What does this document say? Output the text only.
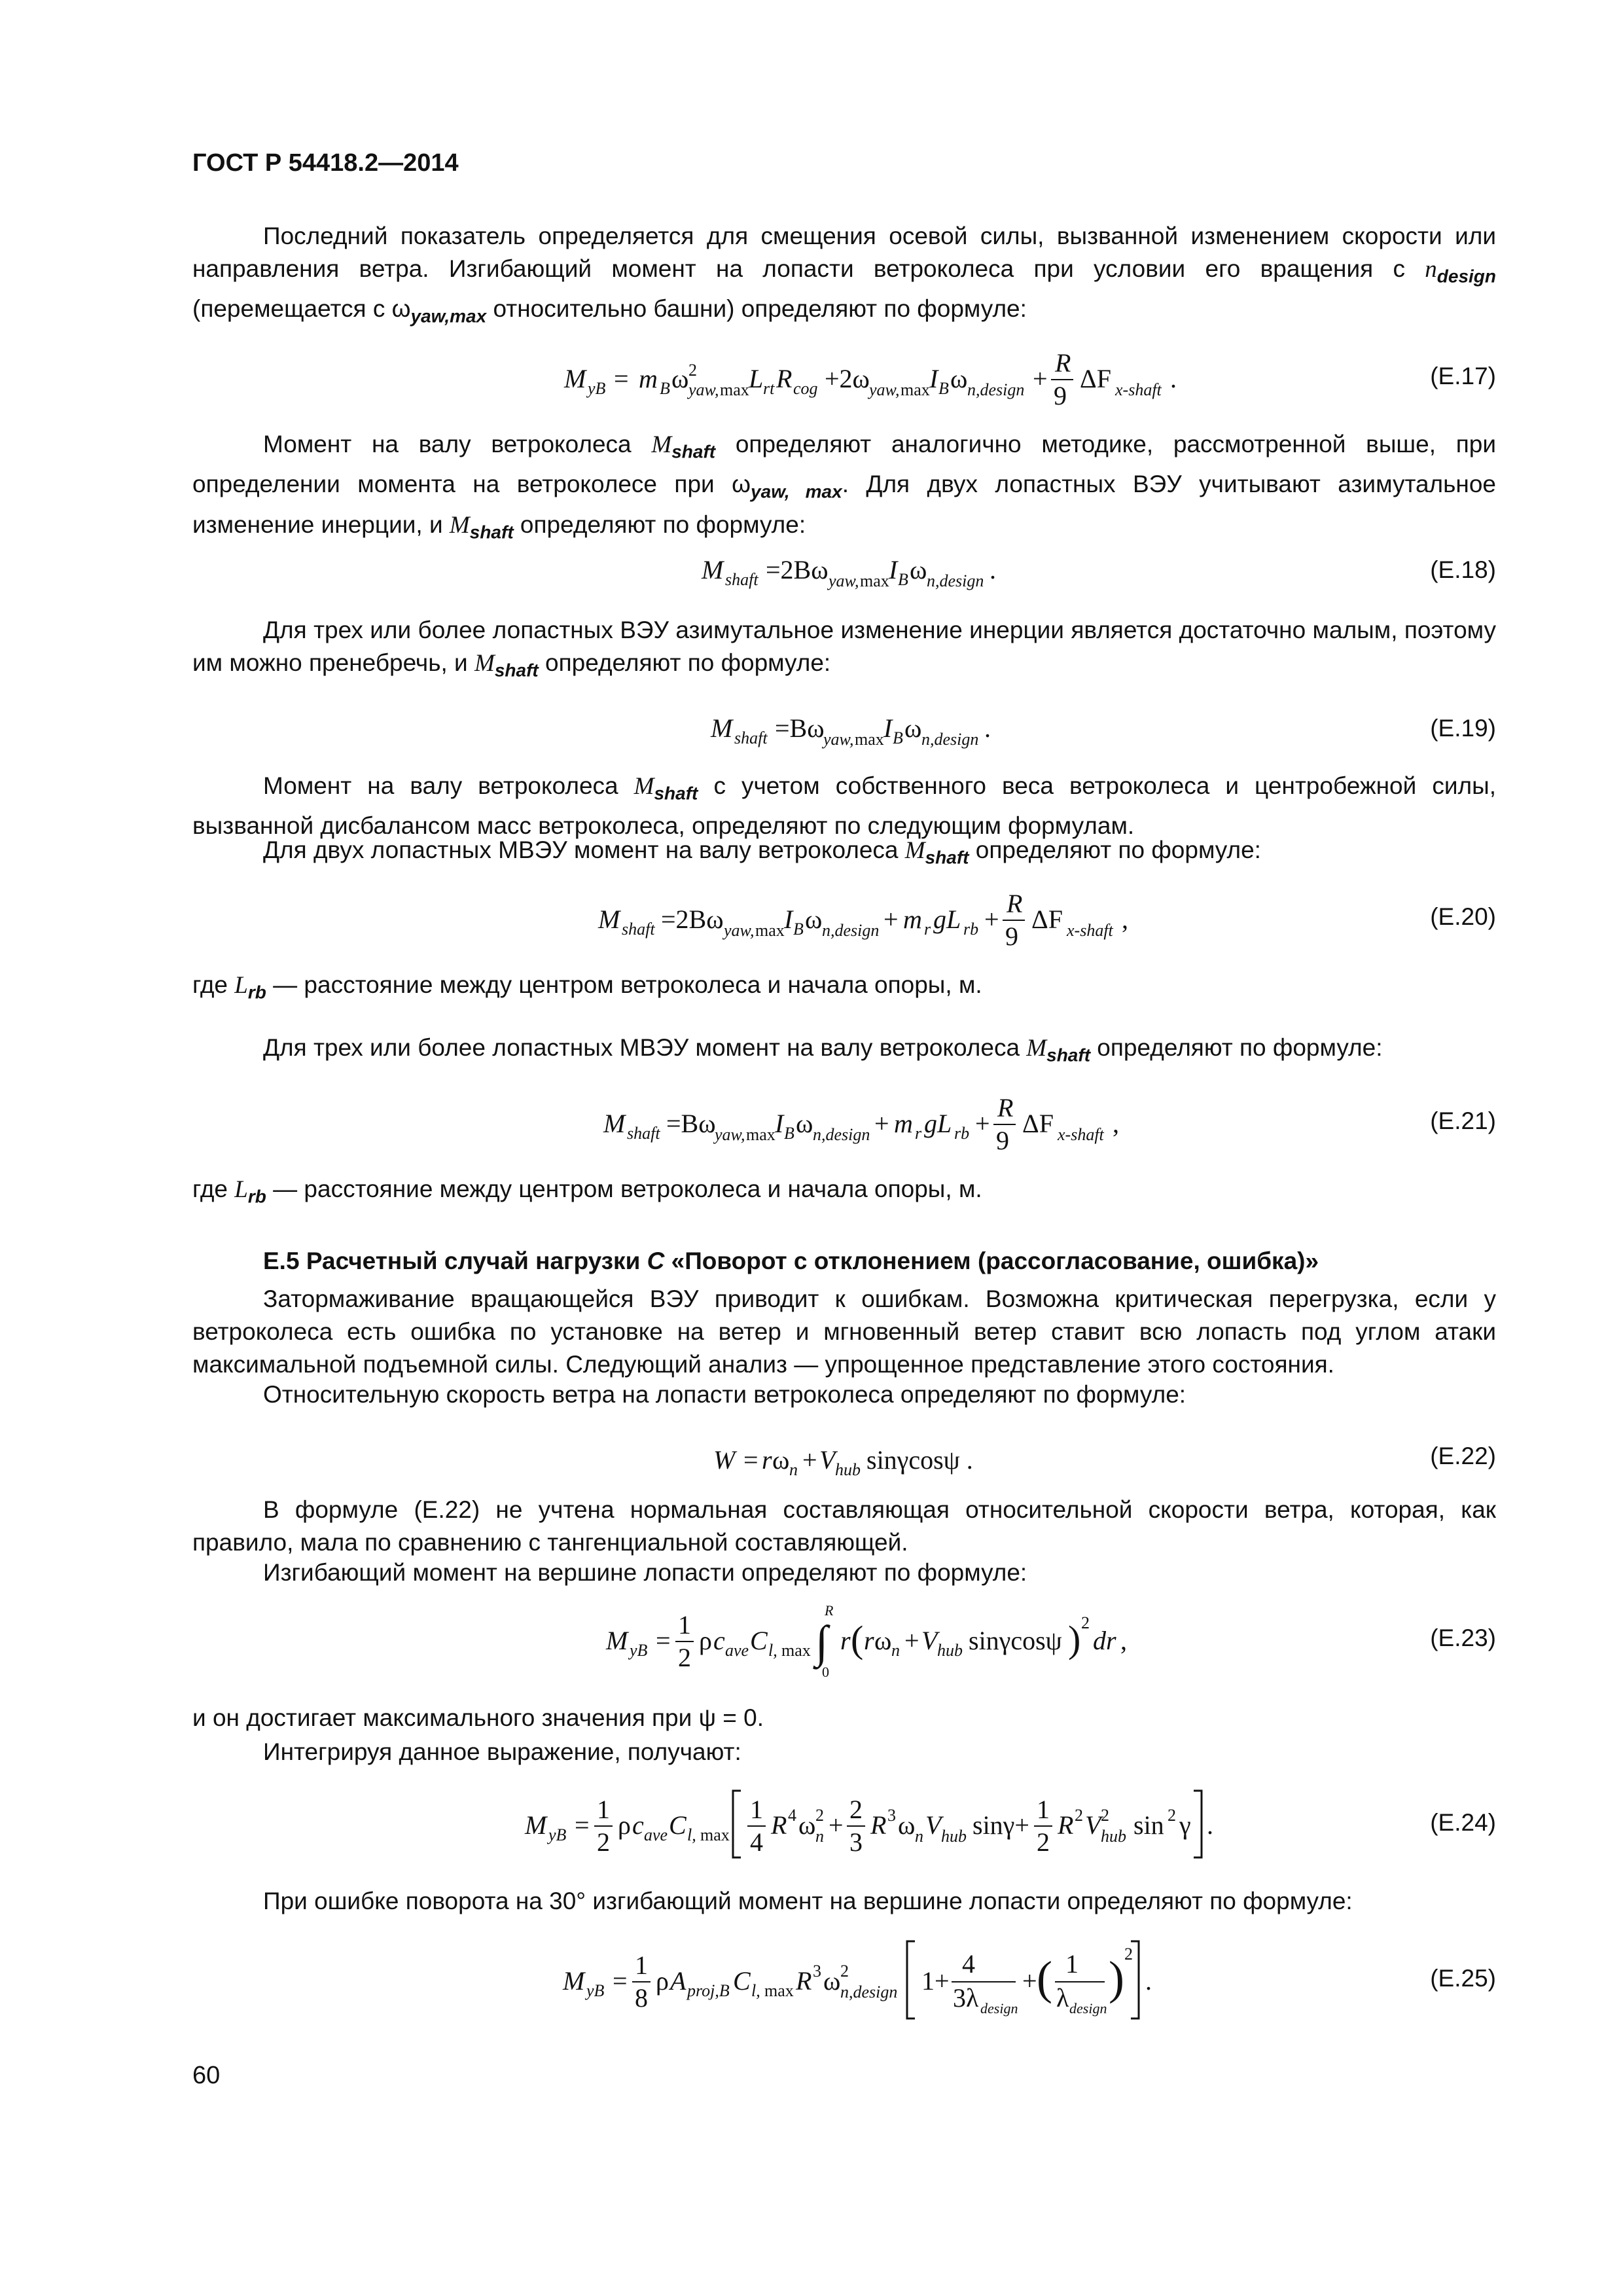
ГОСТ Р 54418.2—2014

Последний показатель определяется для смещения осевой силы, вызванной изменением скорости или направления ветра. Изгибающий момент на лопасти ветроколеса при условии его вращения с $n_{design}$ (перемещается с $\omega_{yaw,max}$ относительно башни) определяют по формуле:

M yB = m B ω 2
yaw, max L rt R cog +2ω yaw, max I B ω n,design +
R
9
ΔF x-shaft .	(Е.17)

Момент на валу ветроколеса $M_{shaft}$ определяют аналогично методике, рассмотренной выше, при определении момента на ветроколесе при $\omega_{yaw, max}$. Для двух лопастных ВЭУ учитывают азимутальное изменение инерции, и $M_{shaft}$ определяют по формуле:

M shaft =2Bω yaw, max I B ω n,design .	(Е.18)

Для трех или более лопастных ВЭУ азимутальное изменение инерции является достаточно малым, поэтому им можно пренебречь, и $M_{shaft}$ определяют по формуле:

M shaft =Bω
yaw, max I B ω n,design .	(Е.19)

Момент на валу ветроколеса $M_{shaft}$ с учетом собственного веса ветроколеса и центробежной силы, вызванной дисбалансом масс ветроколеса, определяют по следующим формулам.

Для двух лопастных МВЭУ момент на валу ветроколеса $M_{shaft}$ определяют по формуле:

M shaft =2Bω yaw, max I B ω n,design + m r gL rb +
R
9
ΔF x-shaft ,	(Е.20)

где $L_{rb}$ — расстояние между центром ветроколеса и начала опоры, м.

Для трех или более лопастных МВЭУ момент на валу ветроколеса $M_{shaft}$ определяют по формуле:

M shaft =Bω
yaw, max I B ω n,design + m r gL rb +
R
9
ΔF x-shaft ,	(Е.21)

где $L_{rb}$ — расстояние между центром ветроколеса и начала опоры, м.

Е.5 Расчетный случай нагрузки С «Поворот с отклонением (рассогласование, ошибка)»

Затормаживание вращающейся ВЭУ приводит к ошибкам. Возможна критическая перегрузка, если у ветроколеса есть ошибка по установке на ветер и мгновенный ветер ставит всю лопасть под углом атаки максимальной подъемной силы. Следующий анализ — упрощенное представление этого состояния.

Относительную скорость ветра на лопасти ветроколеса определяют по формуле:

W = r ω n + V hub sinγcosψ .	(Е.22)

В формуле (Е.22) не учтена нормальная составляющая относительной скорости ветра, которая, как правило, мала по сравнению с тангенциальной составляющей.

Изгибающий момент на вершине лопасти определяют по формуле:

M yB =
1
2
ρ c ave C l, max ∫
R
0
r ( r ω n + V hub sinγcosψ ) 2
dr ,	(Е.23)

и он достигает максимального значения при ψ = 0.

Интегрируя данное выражение, получают:

M yB =
1
2
ρ c ave C l, max
1
4
R 4 ω 2
n +
2
3
R 3 ω n V hub sinγ+
1
2
R 2 V 2
hub sin 2 γ .	(Е.24)

При ошибке поворота на 30° изгибающий момент на вершине лопасти определяют по формуле:

M yB =
1
8
ρ A proj,B C l, max R 3 ω 2
n,design 1+
4
3λ design
+ ( 1
λ design
) 2
.	(Е.25)
60
